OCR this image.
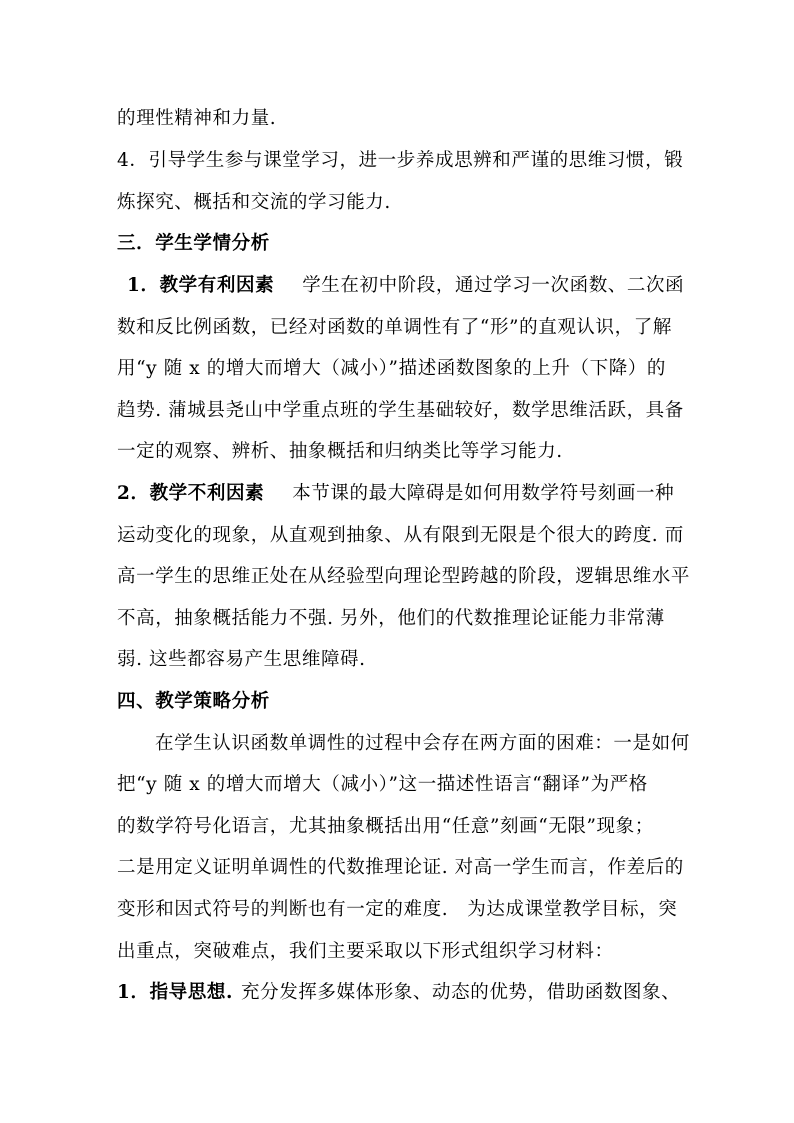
的理性精神和力量.
4．引导学生参与课堂学习，进一步养成思辨和严谨的思维习惯，锻
炼探究、概括和交流的学习能力.
三．学生学情分析
1．教学有利因素 学生在初中阶段，通过学习一次函数、二次函
数和反比例函数，已经对函数的单调性有了“形”的直观认识，了解
用“y 随 x 的增大而增大（减小）”描述函数图象的上升（下降）的
趋势. 蒲城县尧山中学重点班的学生基础较好，数学思维活跃，具备
一定的观察、辨析、抽象概括和归纳类比等学习能力.
2．教学不利因素 本节课的最大障碍是如何用数学符号刻画一种
运动变化的现象，从直观到抽象、从有限到无限是个很大的跨度. 而
高一学生的思维正处在从经验型向理论型跨越的阶段，逻辑思维水平
不高，抽象概括能力不强. 另外，他们的代数推理论证能力非常薄
弱. 这些都容易产生思维障碍.
四、教学策略分析
在学生认识函数单调性的过程中会存在两方面的困难：一是如何
把“y 随 x 的增大而增大（减小）”这一描述性语言“翻译”为严格
的数学符号化语言，尤其抽象概括出用“任意”刻画“无限”现象；
二是用定义证明单调性的代数推理论证. 对高一学生而言，作差后的
变形和因式符号的判断也有一定的难度.　为达成课堂教学目标，突
出重点，突破难点，我们主要采取以下形式组织学习材料：
1．指导思想. 充分发挥多媒体形象、动态的优势，借助函数图象、
